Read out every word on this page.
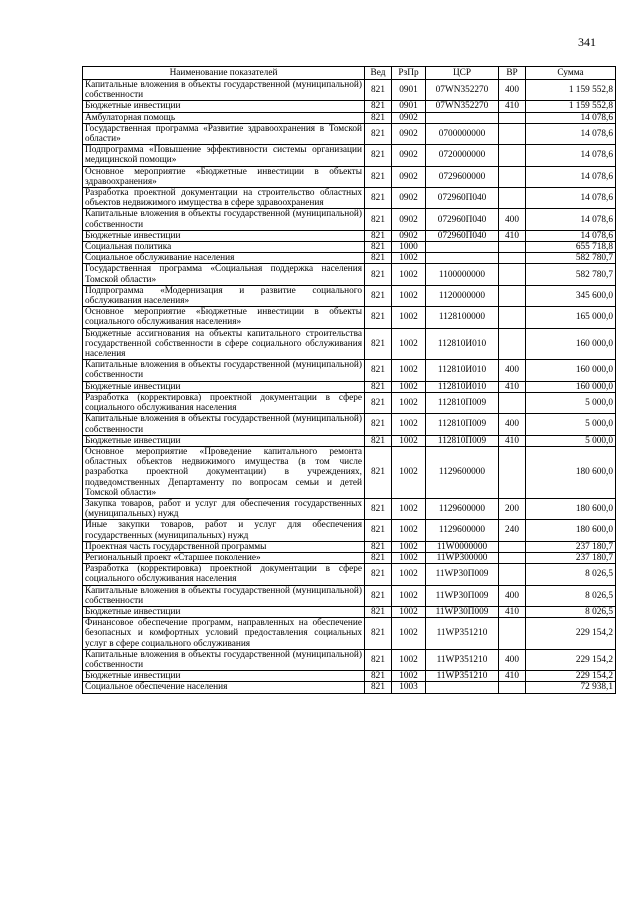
341
Наименование показателей	Вед	РзПр	ЦСР	ВР	Сумма
Капитальные вложения в объекты государственной (муниципальной) собственности	821	0901	07WN352270	400	1 159 552,8
Бюджетные инвестиции	821	0901	07WN352270	410	1 159 552,8
Амбулаторная помощь	821	0902			14 078,6
Государственная программа «Развитие здравоохранения в Томской области»	821	0902	0700000000		14 078,6
Подпрограмма «Повышение эффективности системы организации медицинской помощи»	821	0902	0720000000		14 078,6
Основное мероприятие «Бюджетные инвестиции в объекты здравоохранения»	821	0902	0729600000		14 078,6
Разработка проектной документации на строительство областных объектов недвижимого имущества в сфере здравоохранения	821	0902	072960П040		14 078,6
Капитальные вложения в объекты государственной (муниципальной) собственности	821	0902	072960П040	400	14 078,6
Бюджетные инвестиции	821	0902	072960П040	410	14 078,6
Социальная политика	821	1000			655 718,8
Социальное обслуживание населения	821	1002			582 780,7
Государственная программа «Социальная поддержка населения Томской области»	821	1002	1100000000		582 780,7
Подпрограмма «Модернизация и развитие социального обслуживания населения»	821	1002	1120000000		345 600,0
Основное мероприятие «Бюджетные инвестиции в объекты социального обслуживания населения»	821	1002	1128100000		165 000,0
Бюджетные ассигнования на объекты капитального строительства государственной собственности в сфере социального обслуживания населения	821	1002	112810И010		160 000,0
Капитальные вложения в объекты государственной (муниципальной) собственности	821	1002	112810И010	400	160 000,0
Бюджетные инвестиции	821	1002	112810И010	410	160 000,0
Разработка (корректировка) проектной документации в сфере социального обслуживания населения	821	1002	112810П009		5 000,0
Капитальные вложения в объекты государственной (муниципальной) собственности	821	1002	112810П009	400	5 000,0
Бюджетные инвестиции	821	1002	112810П009	410	5 000,0
Основное мероприятие «Проведение капитального ремонта областных объектов недвижимого имущества (в том числе разработка проектной документации) в учреждениях, подведомственных Департаменту по вопросам семьи и детей Томской области»	821	1002	1129600000		180 600,0
Закупка товаров, работ и услуг для обеспечения государственных (муниципальных) нужд	821	1002	1129600000	200	180 600,0
Иные закупки товаров, работ и услуг для обеспечения государственных (муниципальных) нужд	821	1002	1129600000	240	180 600,0
Проектная часть государственной программы	821	1002	11W0000000		237 180,7
Региональный проект «Старшее поколение»	821	1002	11WP300000		237 180,7
Разработка (корректировка) проектной документации в сфере социального обслуживания населения	821	1002	11WP30П009		8 026,5
Капитальные вложения в объекты государственной (муниципальной) собственности	821	1002	11WP30П009	400	8 026,5
Бюджетные инвестиции	821	1002	11WP30П009	410	8 026,5
Финансовое обеспечение программ, направленных на обеспечение безопасных и комфортных условий предоставления социальных услуг в сфере социального обслуживания	821	1002	11WP351210		229 154,2
Капитальные вложения в объекты государственной (муниципальной) собственности	821	1002	11WP351210	400	229 154,2
Бюджетные инвестиции	821	1002	11WP351210	410	229 154,2
Социальное обеспечение населения	821	1003			72 938,1
